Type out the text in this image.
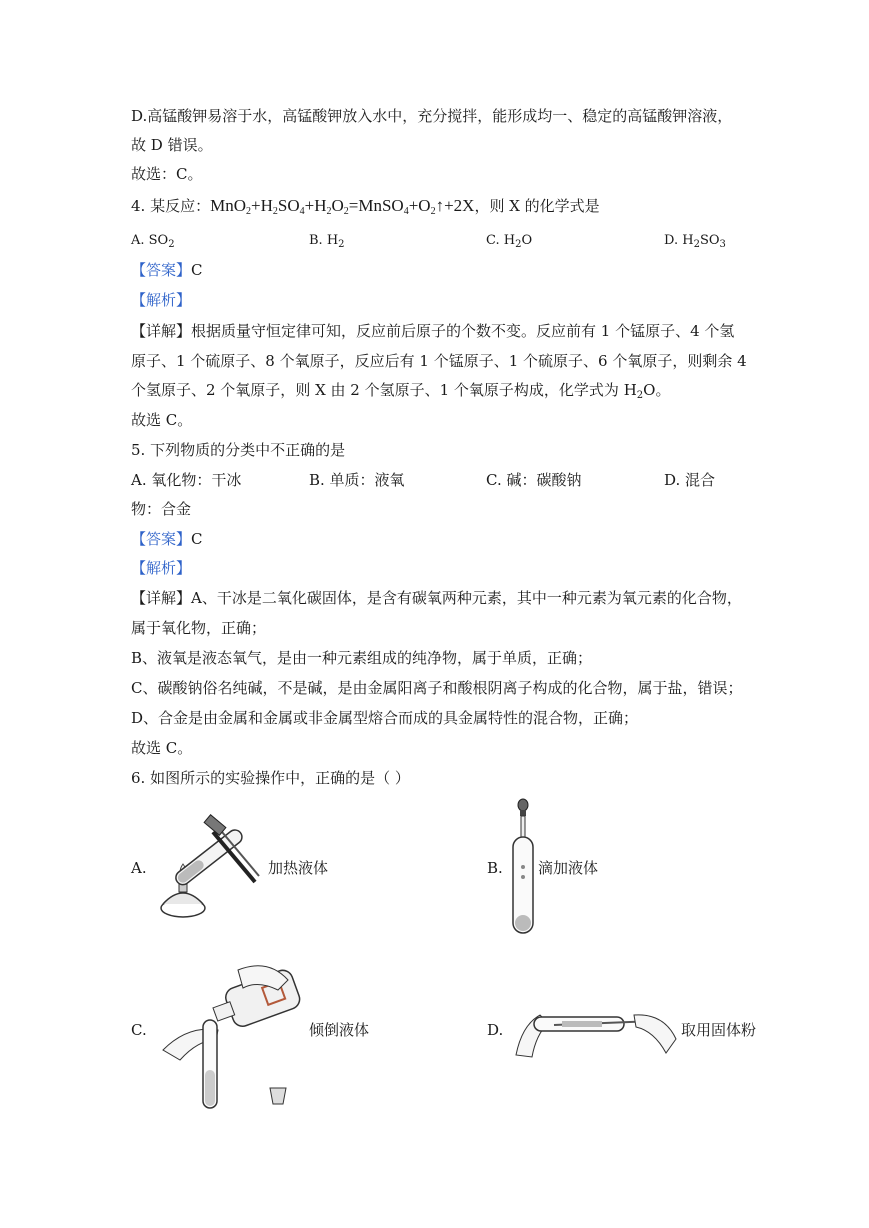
D.高锰酸钾易溶于水，高锰酸钾放入水中，充分搅拌，能形成均一、稳定的高锰酸钾溶液，
故 D 错误。
故选：C。
4. 某反应：$MnO_2+H_2SO_4+H_2O_2=MnSO_4+O_2↑+2X$，则 X 的化学式是
A. $SO_2$	B. $H_2$	C. $H_2O$	D. $H_2SO_3$
【答案】C
【解析】
【详解】根据质量守恒定律可知，反应前后原子的个数不变。反应前有 1 个锰原子、4 个氢
原子、1 个硫原子、8 个氧原子，反应后有 1 个锰原子、1 个硫原子、6 个氧原子，则剩余 4
个氢原子、2 个氧原子，则 X 由 2 个氢原子、1 个氧原子构成，化学式为 $H_2O$。
故选 C。
5. 下列物质的分类中不正确的是
A. 氧化物：干冰	B. 单质：液氧	C. 碱：碳酸钠	D. 混合
物：合金
【答案】C
【解析】
【详解】A、干冰是二氧化碳固体，是含有碳氧两种元素，其中一种元素为氧元素的化合物，
属于氧化物，正确；
B、液氧是液态氧气，是由一种元素组成的纯净物，属于单质，正确；
C、碳酸钠俗名纯碱，不是碱，是由金属阳离子和酸根阴离子构成的化合物，属于盐，错误；
D、合金是由金属和金属或非金属型熔合而成的具金属特性的混合物，正确；
故选 C。
6. 如图所示的实验操作中，正确的是（ ）
A.	加热液体	B. 滴加液体
C.	倾倒液体	D.	取用固体粉
